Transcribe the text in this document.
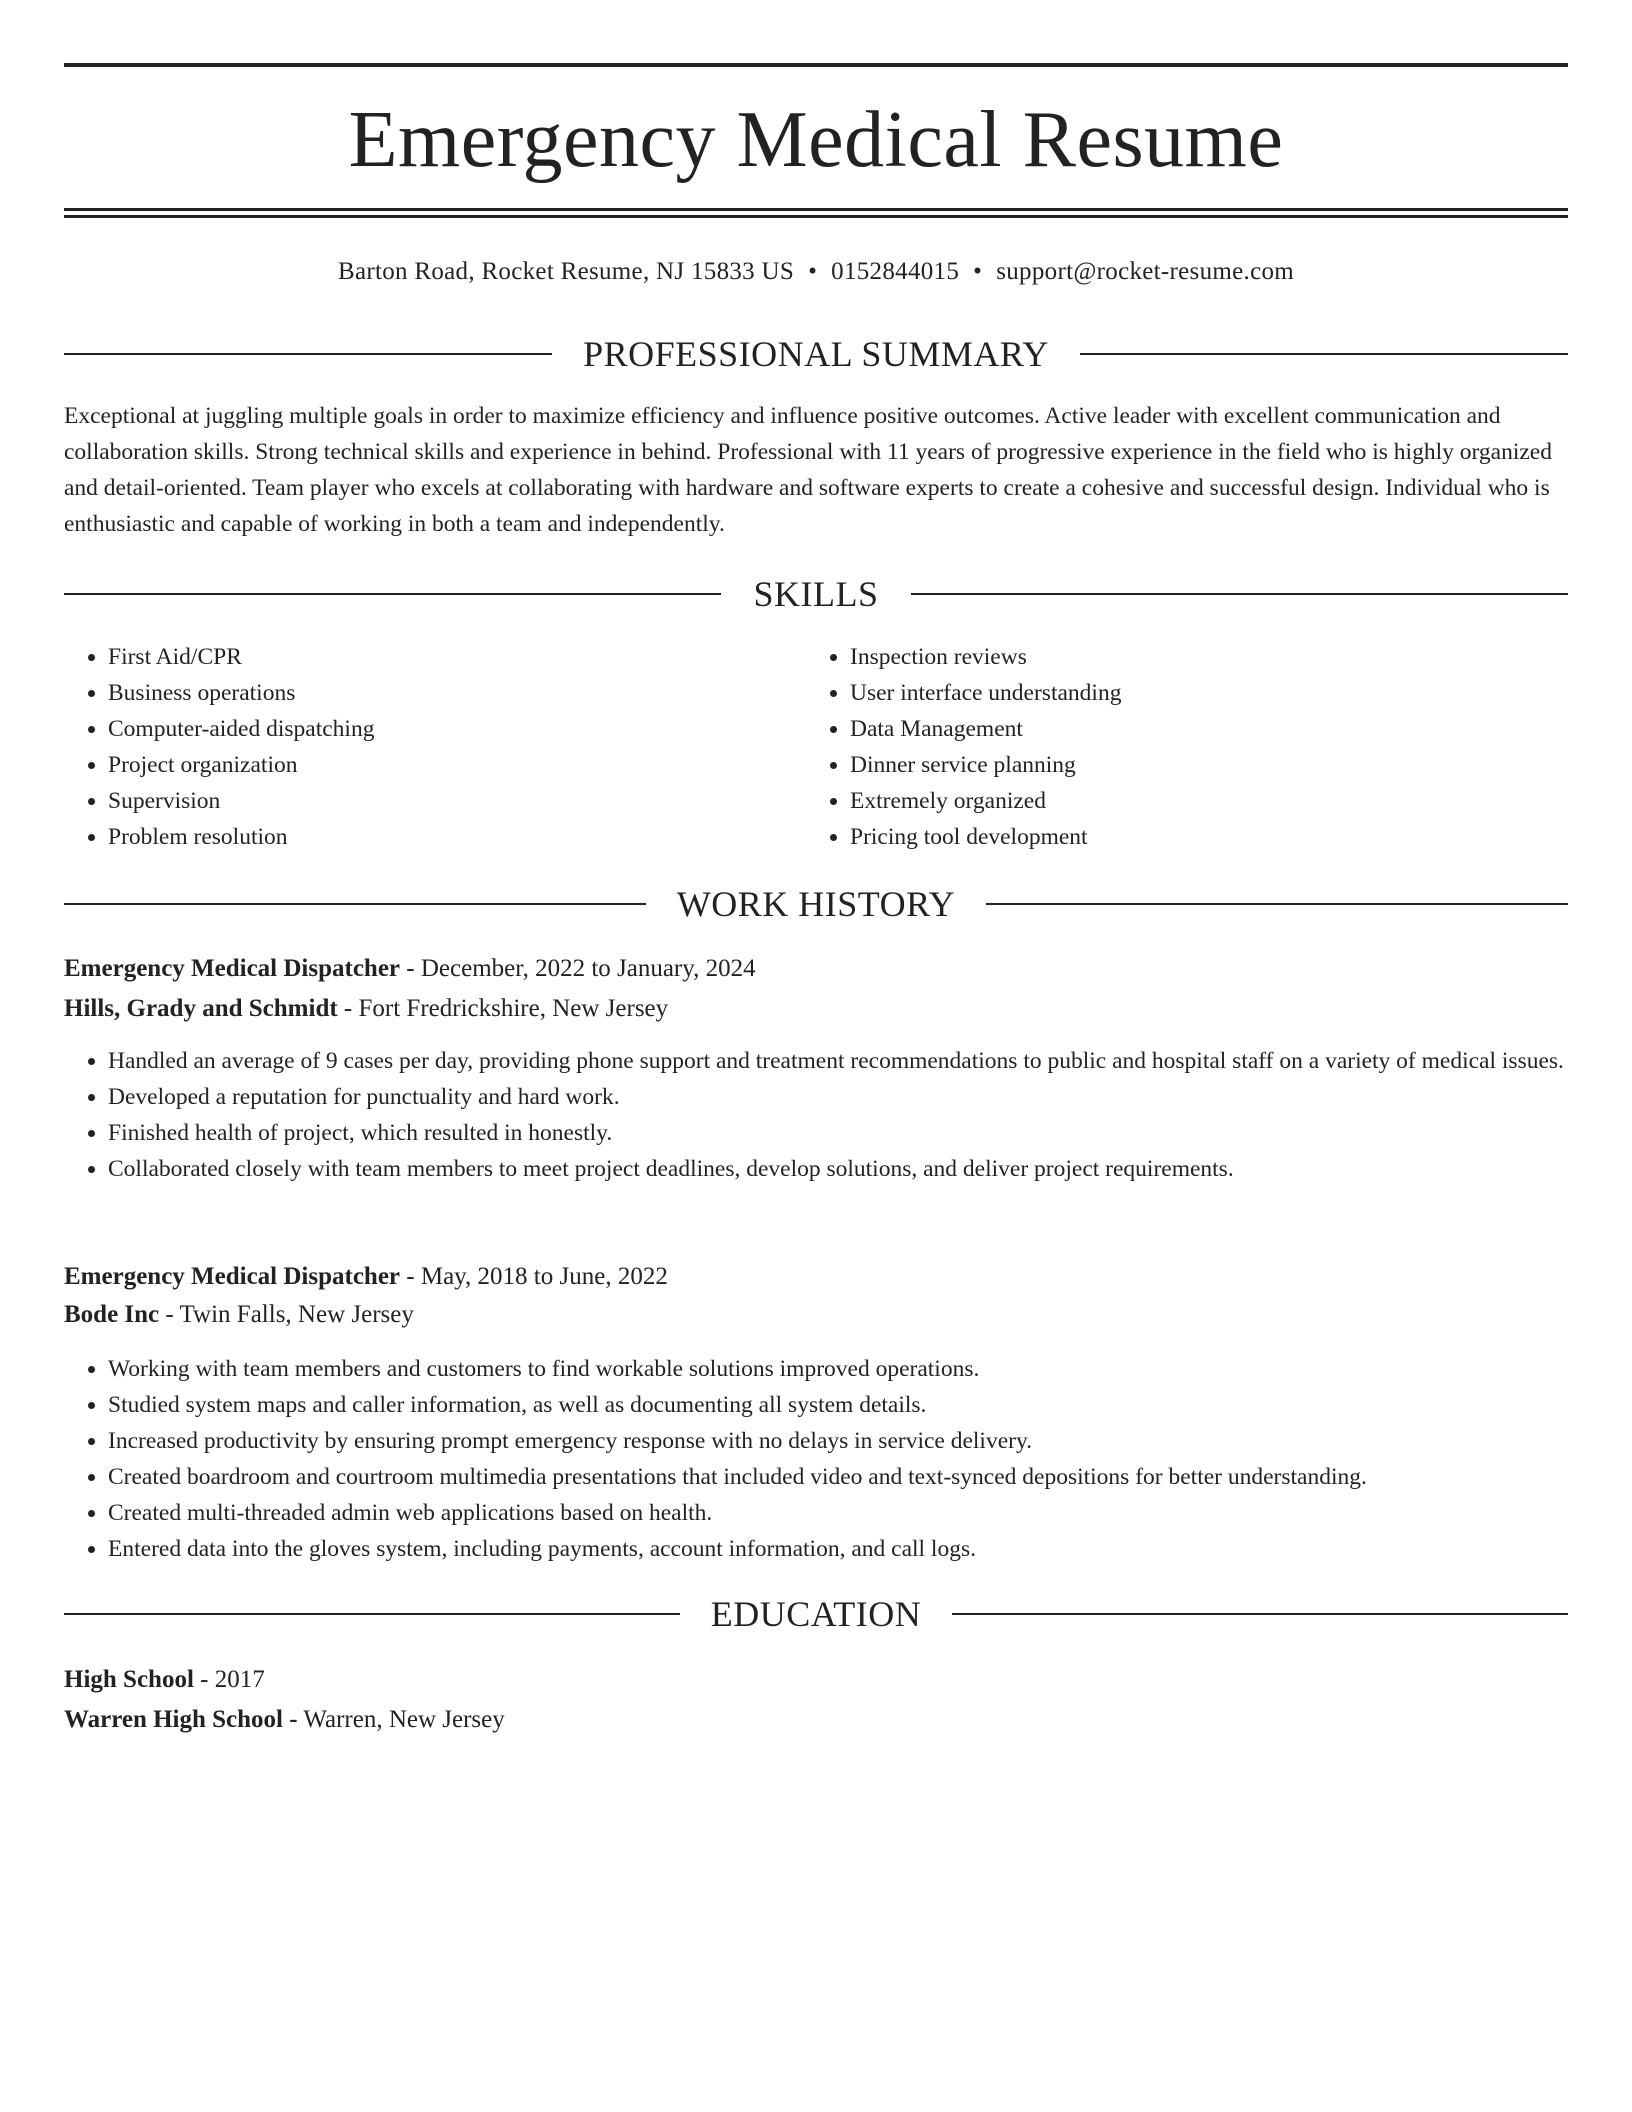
Emergency Medical Resume
Barton Road, Rocket Resume, NJ 15833 US • 0152844015 • support@rocket-resume.com
PROFESSIONAL SUMMARY
Exceptional at juggling multiple goals in order to maximize efficiency and influence positive outcomes. Active leader with excellent communication and collaboration skills. Strong technical skills and experience in behind. Professional with 11 years of progressive experience in the field who is highly organized and detail-oriented. Team player who excels at collaborating with hardware and software experts to create a cohesive and successful design. Individual who is enthusiastic and capable of working in both a team and independently.
SKILLS
• First Aid/CPR
• Business operations
• Computer-aided dispatching
• Project organization
• Supervision
• Problem resolution
• Inspection reviews
• User interface understanding
• Data Management
• Dinner service planning
• Extremely organized
• Pricing tool development
WORK HISTORY
Emergency Medical Dispatcher - December, 2022 to January, 2024
Hills, Grady and Schmidt - Fort Fredrickshire, New Jersey
• Handled an average of 9 cases per day, providing phone support and treatment recommendations to public and hospital staff on a variety of medical issues.
• Developed a reputation for punctuality and hard work.
• Finished health of project, which resulted in honestly.
• Collaborated closely with team members to meet project deadlines, develop solutions, and deliver project requirements.
Emergency Medical Dispatcher - May, 2018 to June, 2022
Bode Inc - Twin Falls, New Jersey
• Working with team members and customers to find workable solutions improved operations.
• Studied system maps and caller information, as well as documenting all system details.
• Increased productivity by ensuring prompt emergency response with no delays in service delivery.
• Created boardroom and courtroom multimedia presentations that included video and text-synced depositions for better understanding.
• Created multi-threaded admin web applications based on health.
• Entered data into the gloves system, including payments, account information, and call logs.
EDUCATION
High School - 2017
Warren High School - Warren, New Jersey
